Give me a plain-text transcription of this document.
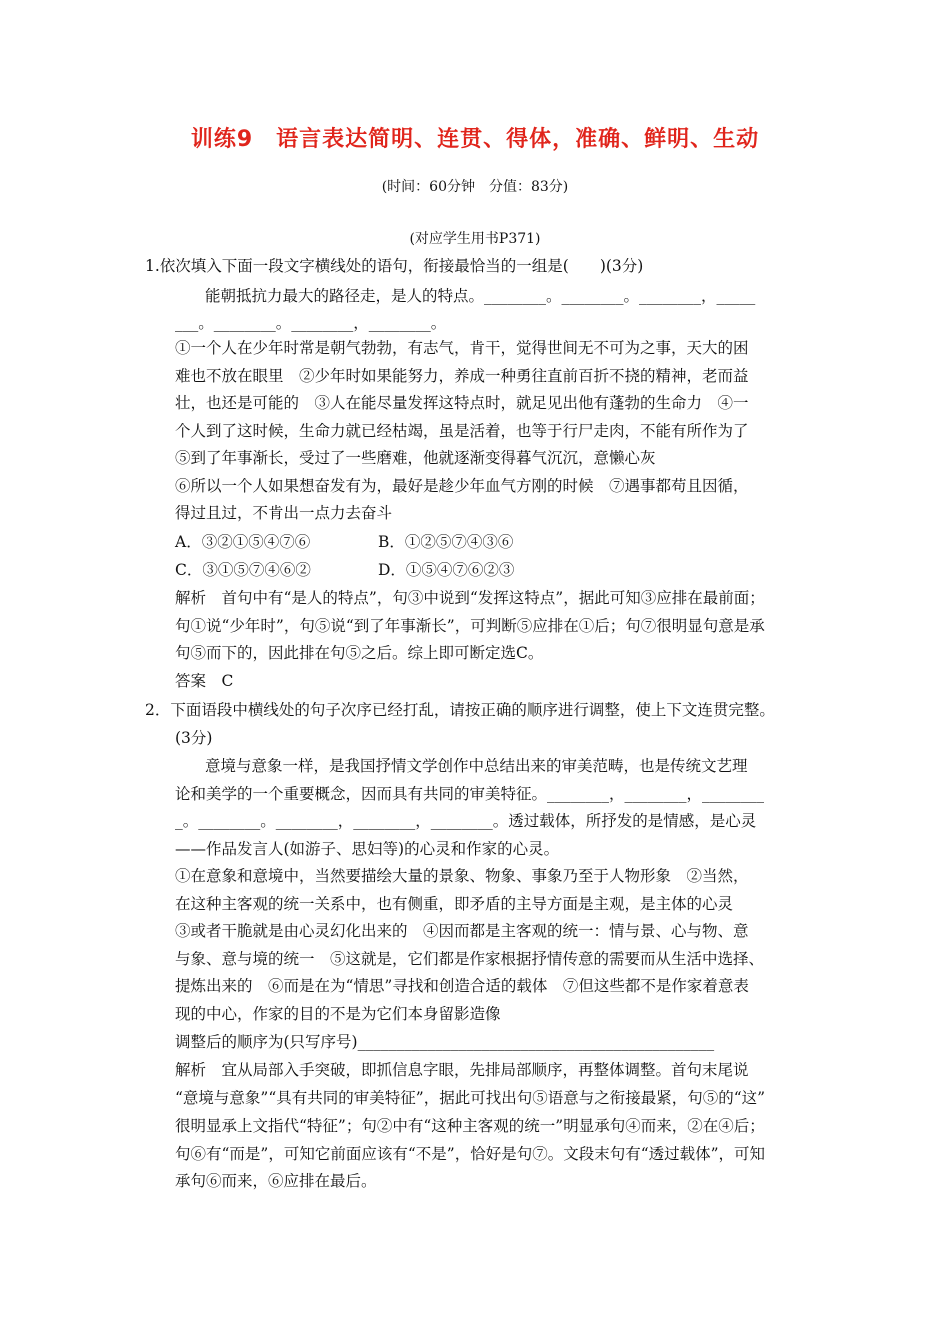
训练9　语言表达简明、连贯、得体，准确、鲜明、生动
(时间：60分钟　分值：83分)
(对应学生用书P371)
1.依次填入下面一段文字横线处的语句，衔接最恰当的一组是(　　)(3分)
能朝抵抗力最大的路径走，是人的特点。________。________。________，_____
___。________。________，________。
①一个人在少年时常是朝气勃勃，有志气，肯干，觉得世间无不可为之事，天大的困
难也不放在眼里　②少年时如果能努力，养成一种勇往直前百折不挠的精神，老而益
壮，也还是可能的　③人在能尽量发挥这特点时，就足见出他有蓬勃的生命力　④一
个人到了这时候，生命力就已经枯竭，虽是活着，也等于行尸走肉，不能有所作为了
⑤到了年事渐长，受过了一些磨难，他就逐渐变得暮气沉沉，意懒心灰
⑥所以一个人如果想奋发有为，最好是趁少年血气方刚的时候　⑦遇事都苟且因循，
得过且过，不肯出一点力去奋斗
A．③②①⑤④⑦⑥	B．①②⑤⑦④③⑥
C．③①⑤⑦④⑥②	D．①⑤④⑦⑥②③
解析　首句中有“是人的特点”，句③中说到“发挥这特点”，据此可知③应排在最前面；
句①说“少年时”，句⑤说“到了年事渐长”，可判断⑤应排在①后；句⑦很明显句意是承
句⑤而下的，因此排在句⑤之后。综上即可断定选C。
答案　C
2．下面语段中横线处的句子次序已经打乱，请按正确的顺序进行调整，使上下文连贯完整。
(3分)
意境与意象一样，是我国抒情文学创作中总结出来的审美范畴，也是传统文艺理
论和美学的一个重要概念，因而具有共同的审美特征。________，________，________
_。________。________，________，________。透过载体，所抒发的是情感，是心灵
——作品发言人(如游子、思妇等)的心灵和作家的心灵。
①在意象和意境中，当然要描绘大量的景象、物象、事象乃至于人物形象　②当然，
在这种主客观的统一关系中，也有侧重，即矛盾的主导方面是主观，是主体的心灵
③或者干脆就是由心灵幻化出来的　④因而都是主客观的统一：情与景、心与物、意
与象、意与境的统一　⑤这就是，它们都是作家根据抒情传意的需要而从生活中选择、
提炼出来的　⑥而是在为“情思”寻找和创造合适的载体　⑦但这些都不是作家着意表
现的中心，作家的目的不是为它们本身留影造像
调整后的顺序为(只写序号)______________________________________________
解析　宜从局部入手突破，即抓信息字眼，先排局部顺序，再整体调整。首句末尾说
“意境与意象”“具有共同的审美特征”，据此可找出句⑤语意与之衔接最紧，句⑤的“这”
很明显承上文指代“特征”；句②中有“这种主客观的统一”明显承句④而来，②在④后；
句⑥有“而是”，可知它前面应该有“不是”，恰好是句⑦。文段末句有“透过载体”，可知
承句⑥而来，⑥应排在最后。
